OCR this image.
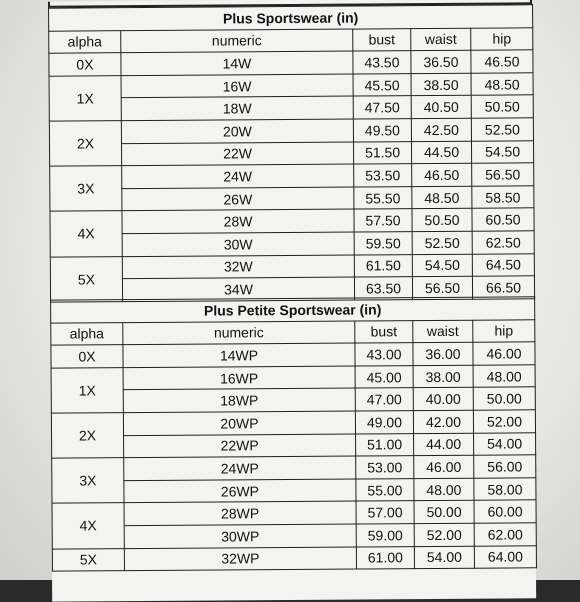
Plus Sportswear (in)				
alpha	numeric	bust	waist	hip
0X	14W	43.50	36.50	46.50
1X	16W	45.50	38.50	48.50
	18W	47.50	40.50	50.50
2X	20W	49.50	42.50	52.50
	22W	51.50	44.50	54.50
3X	24W	53.50	46.50	56.50
	26W	55.50	48.50	58.50
4X	28W	57.50	50.50	60.50
	30W	59.50	52.50	62.50
5X	32W	61.50	54.50	64.50
	34W	63.50	56.50	66.50
Plus Petite Sportswear (in)				
alpha	numeric	bust	waist	hip
0X	14WP	43.00	36.00	46.00
1X	16WP	45.00	38.00	48.00
	18WP	47.00	40.00	50.00
2X	20WP	49.00	42.00	52.00
	22WP	51.00	44.00	54.00
3X	24WP	53.00	46.00	56.00
	26WP	55.00	48.00	58.00
4X	28WP	57.00	50.00	60.00
	30WP	59.00	52.00	62.00
5X	32WP	61.00	54.00	64.00
